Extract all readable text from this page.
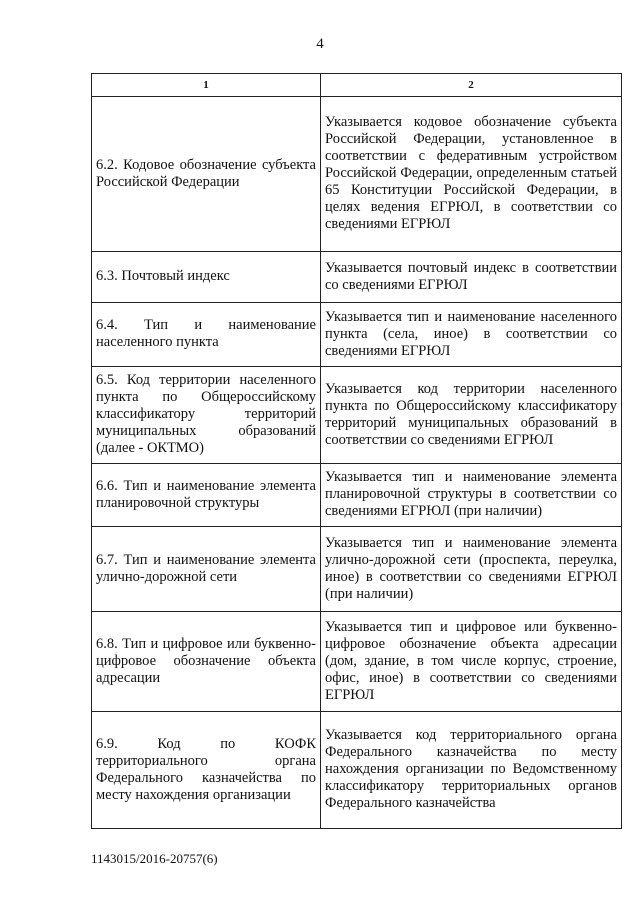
4
1	2
6.2. Кодовое обозначение субъекта Российской Федерации	Указывается кодовое обозначение субъекта Российской Федерации, установленное в соответствии с федеративным устройством Российской Федерации, определенным статьей 65 Конституции Российской Федерации, в целях ведения ЕГРЮЛ, в соответствии со сведениями ЕГРЮЛ
6.3. Почтовый индекс	Указывается почтовый индекс в соответствии со сведениями ЕГРЮЛ
6.4. Тип и наименование населенного пункта	Указывается тип и наименование населенного пункта (села, иное) в соответствии со сведениями ЕГРЮЛ
6.5. Код территории населенного пункта по Общероссийскому классификатору территорий муниципальных образований (далее - ОКТМО)	Указывается код территории населенного пункта по Общероссийскому классификатору территорий муниципальных образований в соответствии со сведениями ЕГРЮЛ
6.6. Тип и наименование элемента планировочной структуры	Указывается тип и наименование элемента планировочной структуры в соответствии со сведениями ЕГРЮЛ (при наличии)
6.7. Тип и наименование элемента улично-дорожной сети	Указывается тип и наименование элемента улично-дорожной сети (проспекта, переулка, иное) в соответствии со сведениями ЕГРЮЛ (при наличии)
6.8. Тип и цифровое или буквенно-цифровое обозначение объекта адресации	Указывается тип и цифровое или буквенно-цифровое обозначение объекта адресации (дом, здание, в том числе корпус, строение, офис, иное) в соответствии со сведениями ЕГРЮЛ
6.9. Код по КОФК территориального органа Федерального казначейства по месту нахождения организации	Указывается код территориального органа Федерального казначейства по месту нахождения организации по Ведомственному классификатору территориальных органов Федерального казначейства
1143015/2016-20757(6)
